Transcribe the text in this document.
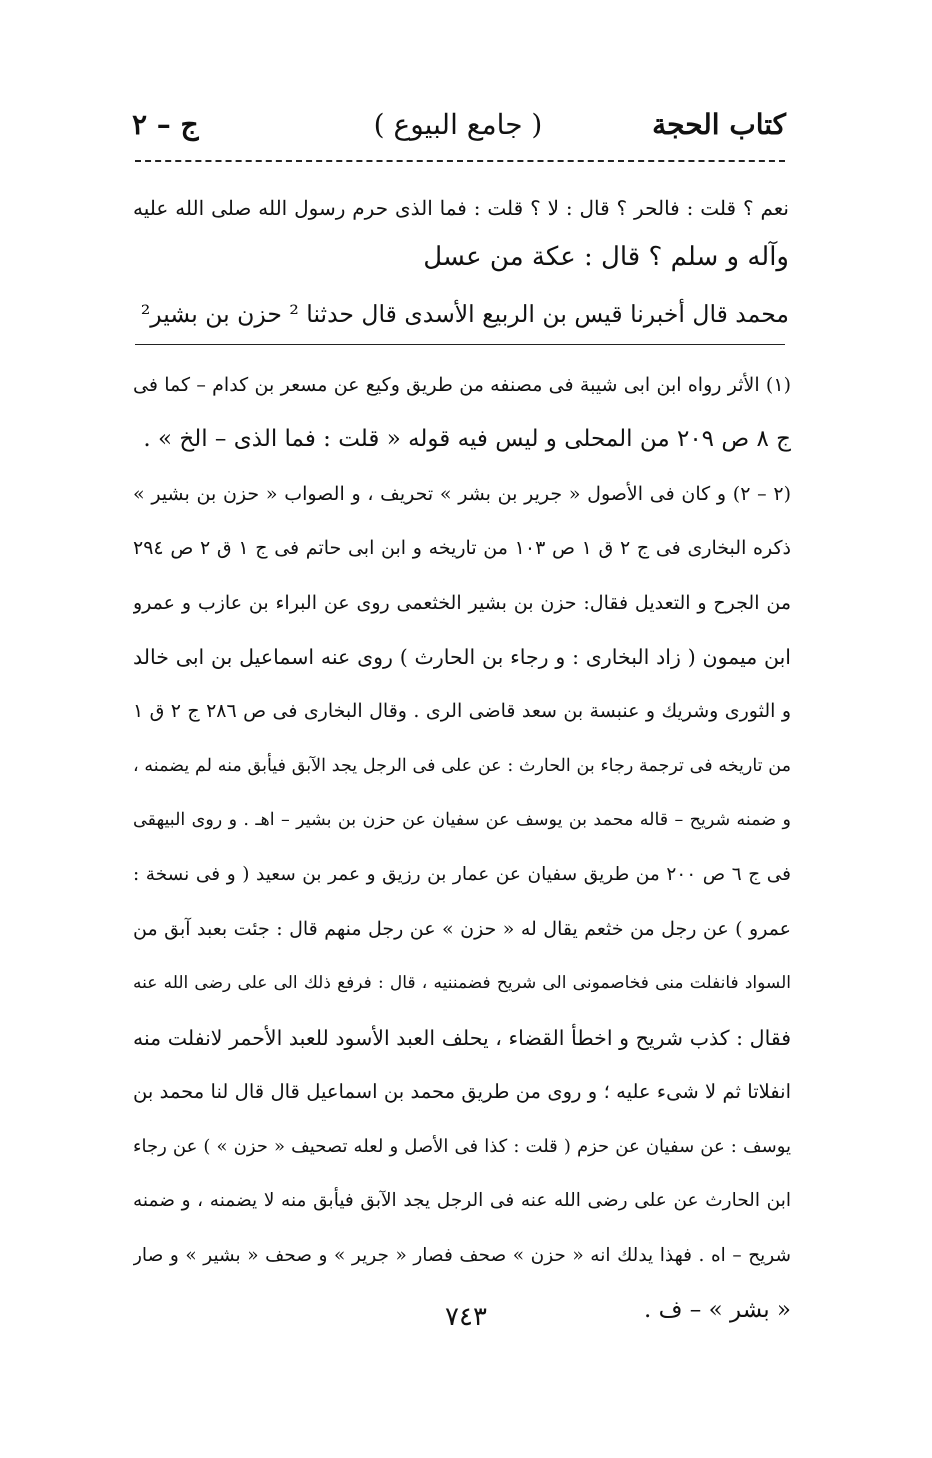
كتاب الحجة
( جامع البيوع )
ج – ٢
نعم ؟ قلت : فالحر ؟ قال : لا ؟ قلت : فما الذى حرم رسول الله صلى الله عليه
وآله و سلم ؟ قال : عكة من عسل
محمد قال أخبرنا قيس بن الربيع الأسدى قال حدثنا ² حزن بن بشير²
(١) الأثر رواه ابن ابى شيبة فى مصنفه من طريق وكيع عن مسعر بن كدام – كما فى
ج ٨ ص ٢٠٩ من المحلى و ليس فيه قوله « قلت : فما الذى – الخ » .
(٢ – ٢) و كان فى الأصول « جرير بن بشر » تحريف ، و الصواب « حزن بن بشير »
ذكره البخارى فى ج ٢ ق ١ ص ١٠٣ من تاريخه و ابن ابى حاتم فى ج ١ ق ٢ ص ٢٩٤
من الجرح و التعديل فقال: حزن بن بشير الخثعمى روى عن البراء بن عازب و عمرو
ابن ميمون ( زاد البخارى : و رجاء بن الحارث ) روى عنه اسماعيل بن ابى خالد
و الثورى وشريك و عنبسة بن سعد قاضى الرى . وقال البخارى فى ص ٢٨٦ ج ٢ ق ١
من تاريخه فى ترجمة رجاء بن الحارث : عن على فى الرجل يجد الآبق فيأبق منه لم يضمنه ،
و ضمنه شريح – قاله محمد بن يوسف عن سفيان عن حزن بن بشير – اهـ . و روى البيهقى
فى ج ٦ ص ٢٠٠ من طريق سفيان عن عمار بن رزيق و عمر بن سعيد ( و فى نسخة :
عمرو ) عن رجل من خثعم يقال له « حزن » عن رجل منهم قال : جئت بعبد آبق من
السواد فانفلت منى فخاصمونى الى شريح فضمننيه ، قال : فرفع ذلك الى على رضى الله عنه
فقال : كذب شريح و اخطأ القضاء ، يحلف العبد الأسود للعبد الأحمر لانفلت منه
انفلاتا ثم لا شىء عليه ؛ و روى من طريق محمد بن اسماعيل قال قال لنا محمد بن
يوسف : عن سفيان عن حزم ( قلت : كذا فى الأصل و لعله تصحيف « حزن » ) عن رجاء
ابن الحارث عن على رضى الله عنه فى الرجل يجد الآبق فيأبق منه لا يضمنه ، و ضمنه
شريح – اه . فهذا يدلك انه « حزن » صحف فصار « جرير » و صحف « بشير » و صار
« بشر » – ف .
٧٤٣
